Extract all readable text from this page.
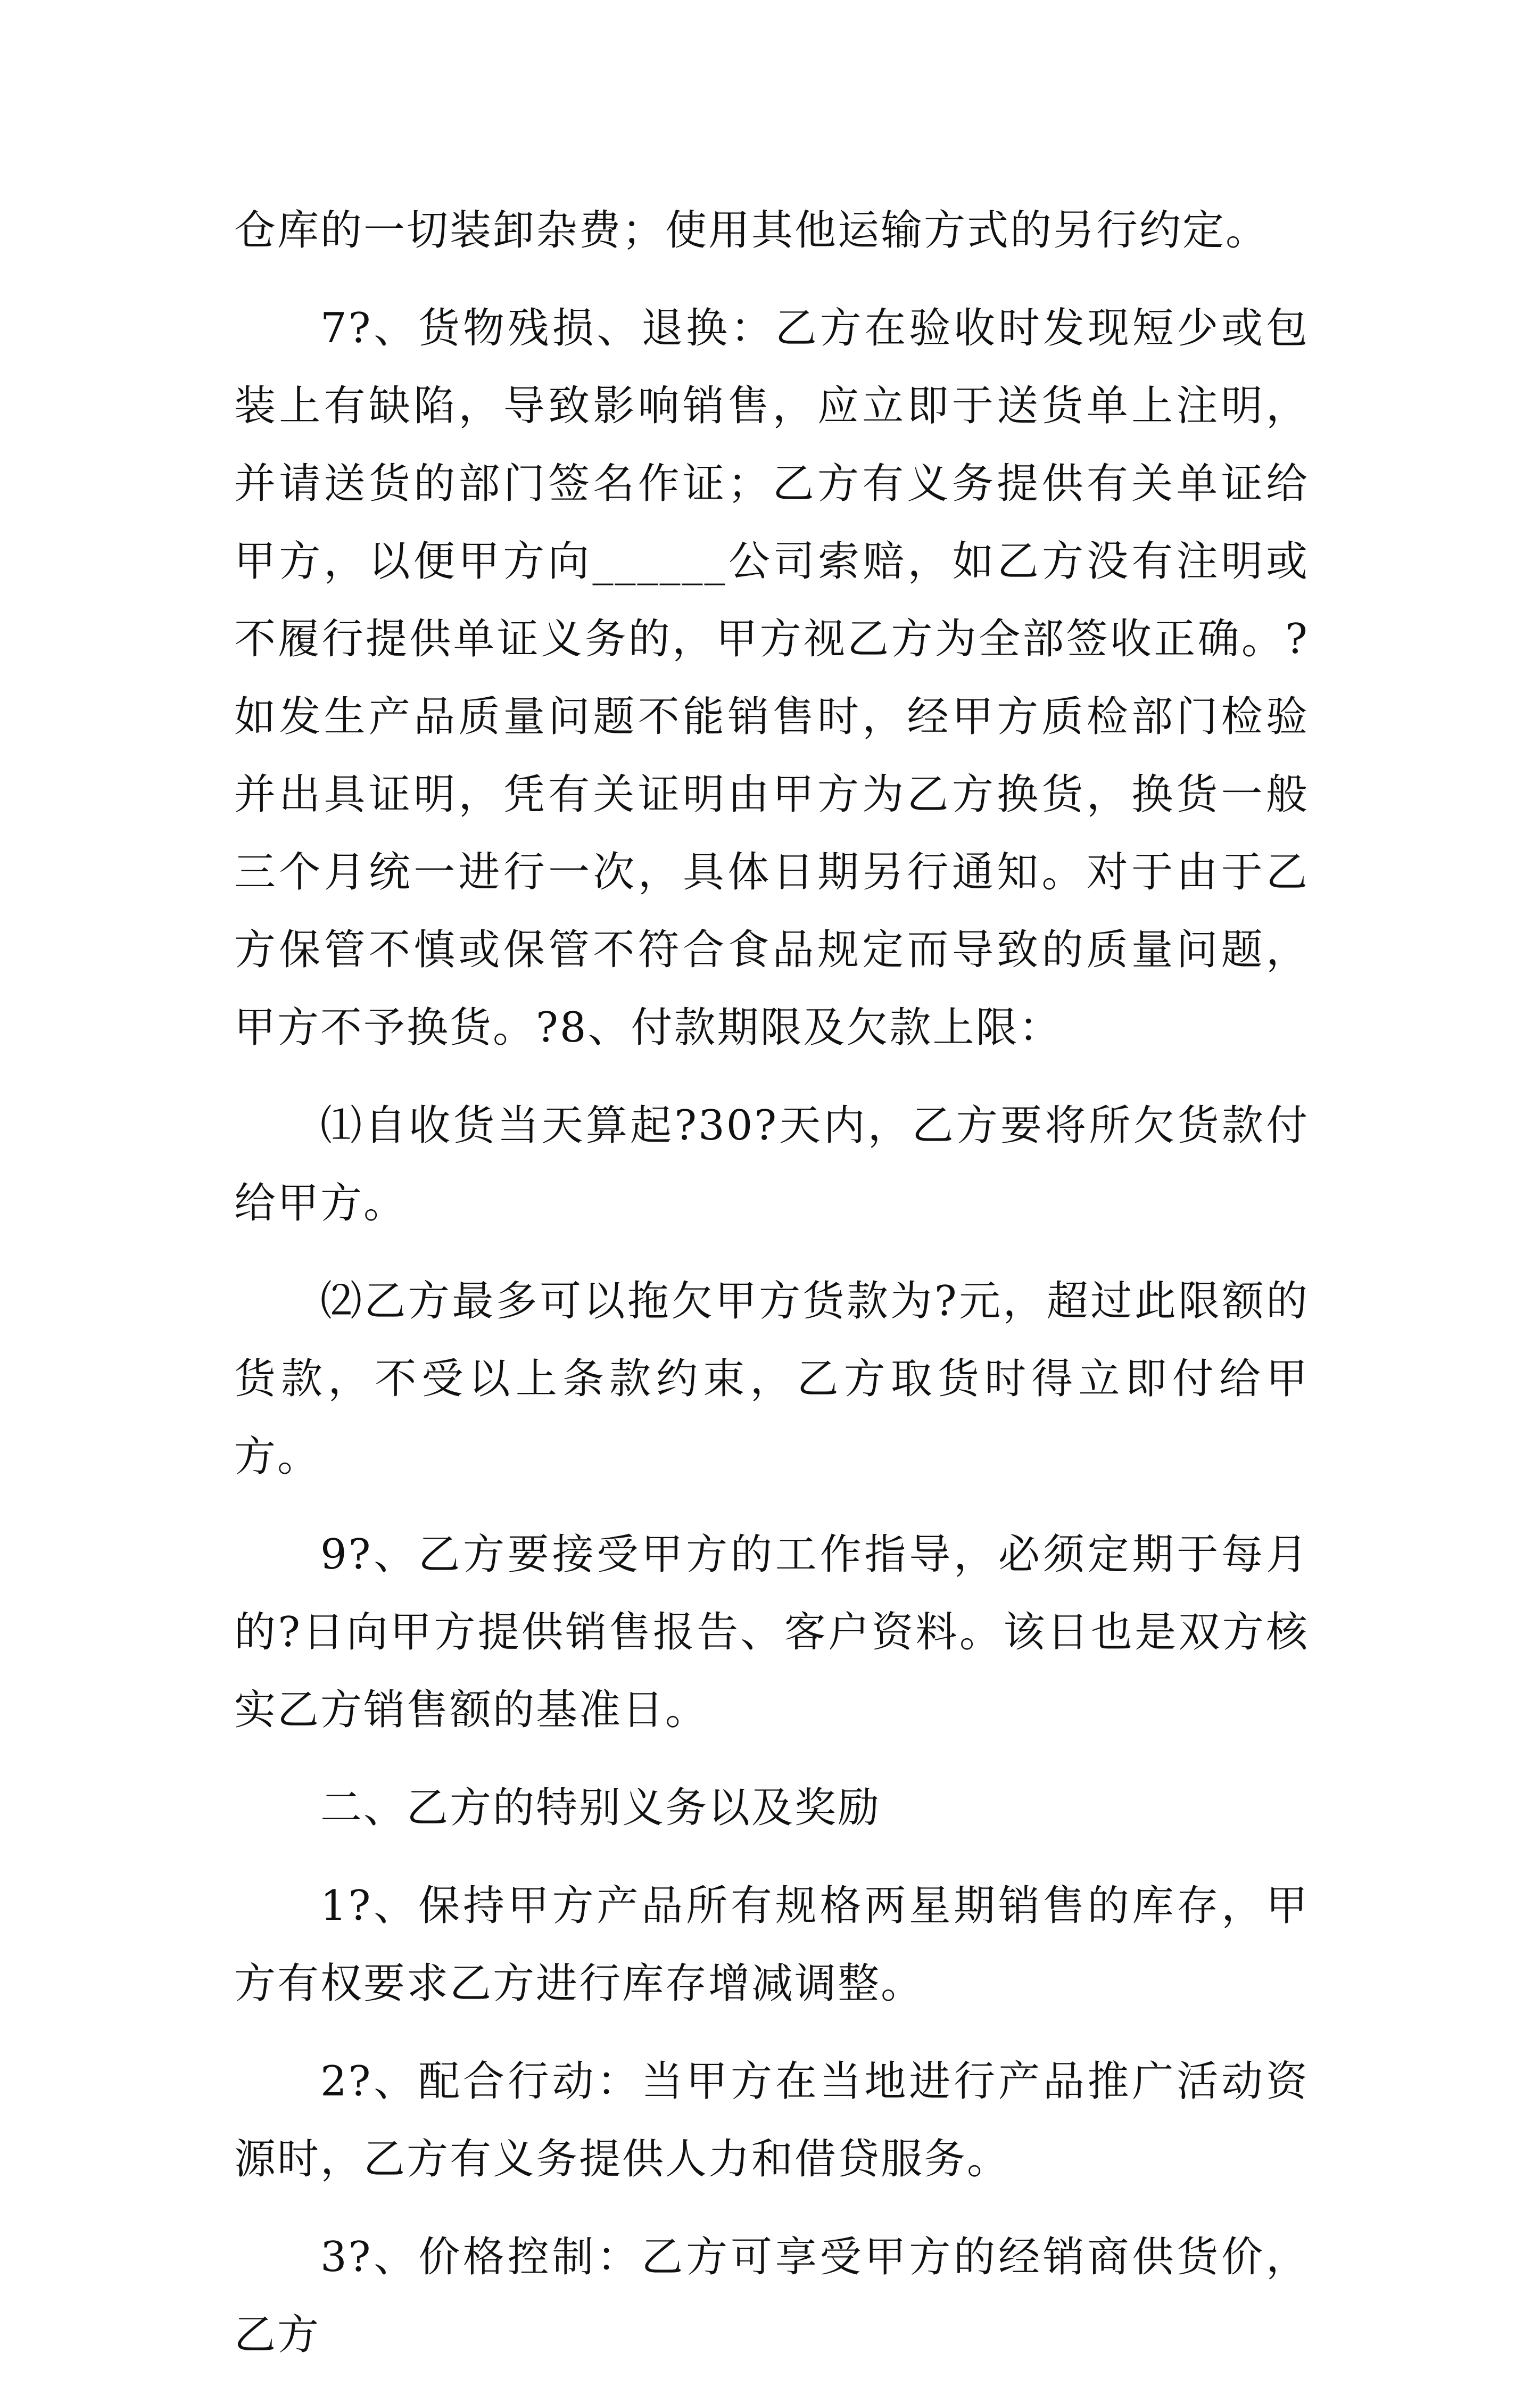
仓库的一切装卸杂费；使用其他运输方式的另行约定。

7?、货物残损、退换：乙方在验收时发现短少或包装上有缺陷，导致影响销售，应立即于送货单上注明，并请送货的部门签名作证；乙方有义务提供有关单证给甲方，以便甲方向______公司索赔，如乙方没有注明或不履行提供单证义务的，甲方视乙方为全部签收正确。?如发生产品质量问题不能销售时，经甲方质检部门检验并出具证明，凭有关证明由甲方为乙方换货，换货一般三个月统一进行一次，具体日期另行通知。对于由于乙方保管不慎或保管不符合食品规定而导致的质量问题，甲方不予换货。?8、付款期限及欠款上限：

⑴自收货当天算起?30?天内，乙方要将所欠货款付给甲方。

⑵乙方最多可以拖欠甲方货款为?元，超过此限额的货款，不受以上条款约束，乙方取货时得立即付给甲方。

9?、乙方要接受甲方的工作指导，必须定期于每月的?日向甲方提供销售报告、客户资料。该日也是双方核实乙方销售额的基准日。

二、乙方的特别义务以及奖励

1?、保持甲方产品所有规格两星期销售的库存，甲方有权要求乙方进行库存增减调整。

2?、配合行动：当甲方在当地进行产品推广活动资源时，乙方有义务提供人力和借贷服务。

3?、价格控制：乙方可享受甲方的经销商供货价，乙方
